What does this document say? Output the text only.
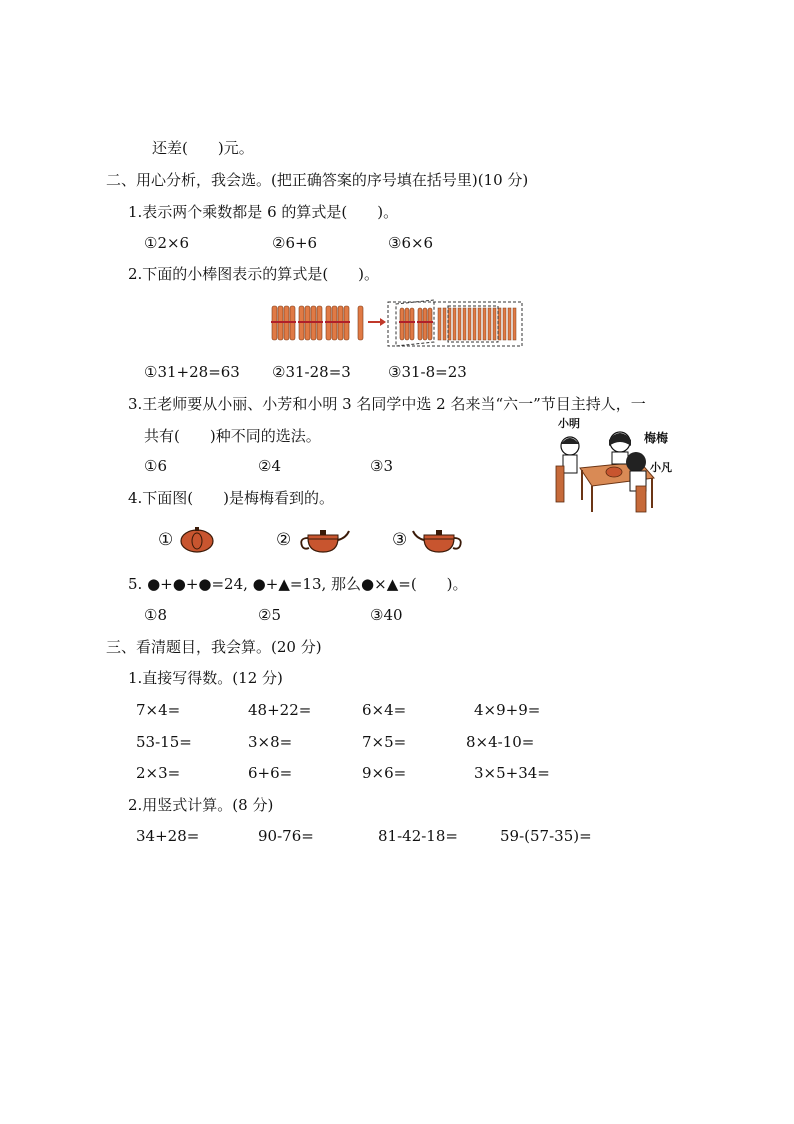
还差(　　)元。
二、用心分析，我会选。(把正确答案的序号填在括号里)(10 分)
1.表示两个乘数都是 6 的算式是(　　)。
①2×6	②6+6	③6×6
2.下面的小棒图表示的算式是(　　)。
①31+28=63 ②31-28=3 ③31-8=23
3.王老师要从小丽、小芳和小明 3 名同学中选 2 名来当“六一”节目主持人，一
共有(　　)种不同的选法。
①6	②4	③3
小明
梅梅
小凡
4.下面图(　　)是梅梅看到的。
①	②	③
5. ●+●+●=24, ●+▲=13, 那么●×▲=(　　)。
①8	②5	③40
三、看清题目，我会算。(20 分)
1.直接写得数。(12 分)
7×4=	48+22=	6×4=	4×9+9=
53-15=	3×8=	7×5=	8×4-10=
2×3=	6+6=	9×6=	3×5+34=
2.用竖式计算。(8 分)
34+28=	90-76=	81-42-18=	59-(57-35)=
